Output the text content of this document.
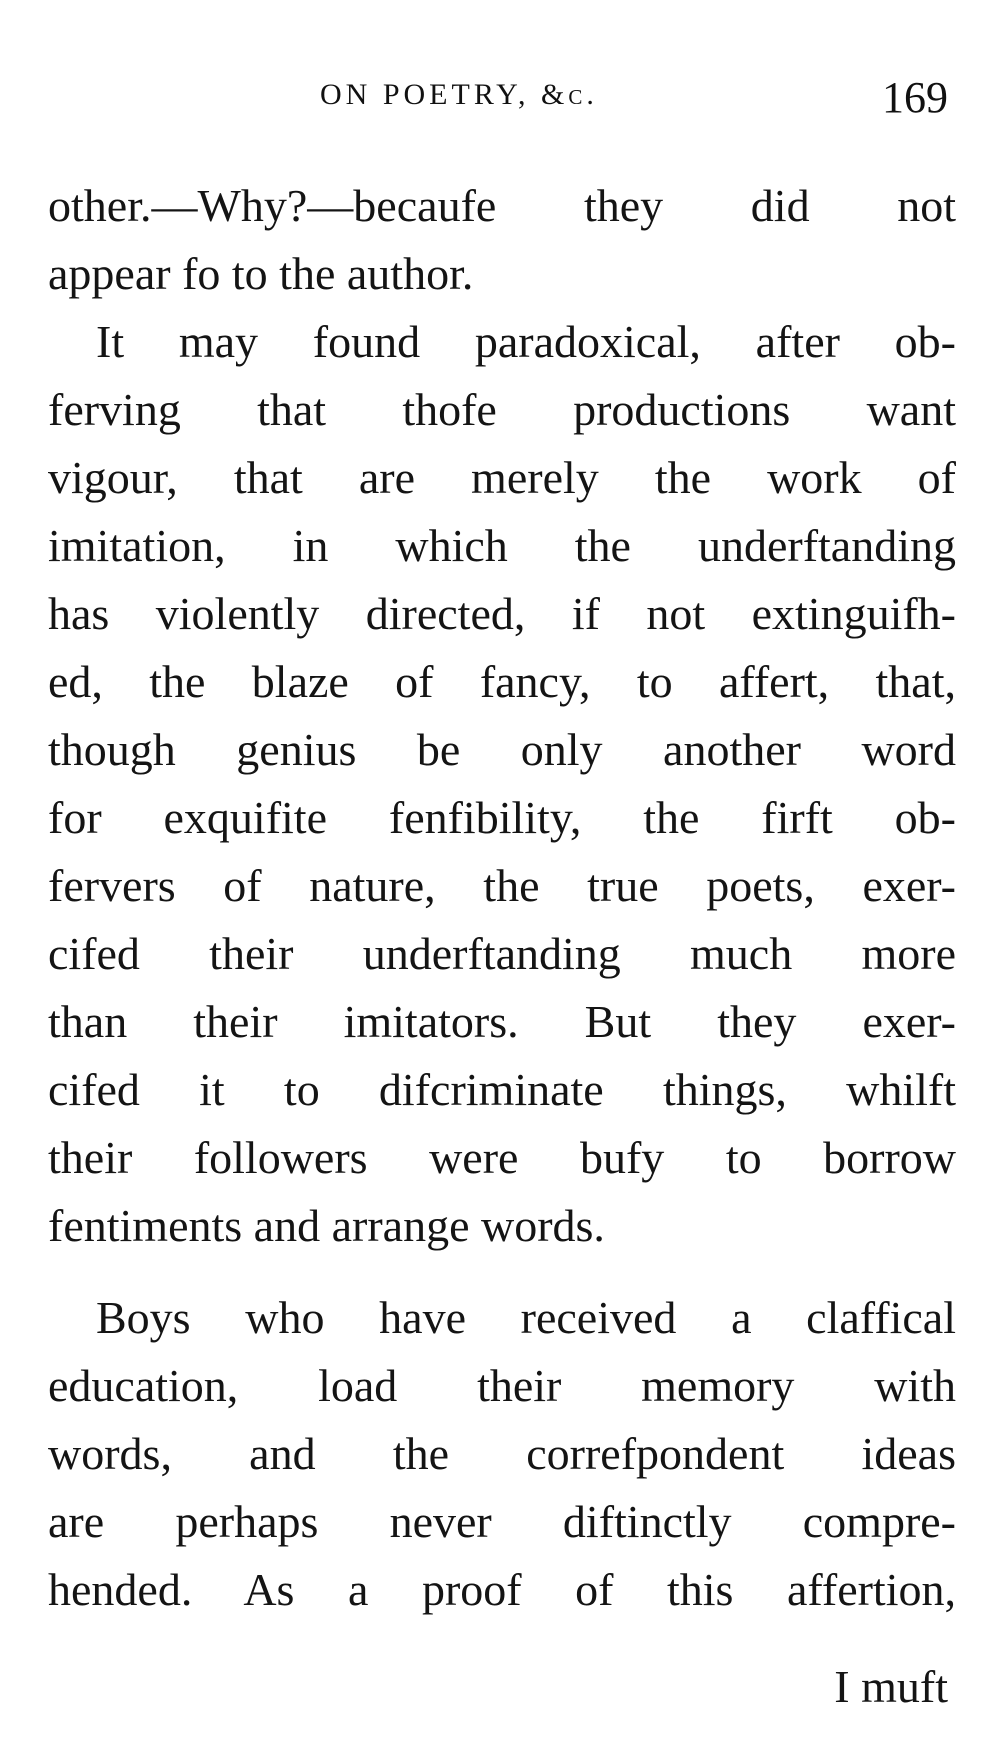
ON POETRY, &c.	169
other.—Why?—becaufe they did not
appear fo to the author.
It may found paradoxical, after ob-
ferving that thofe productions want
vigour, that are merely the work of
imitation, in which the underftanding
has violently directed, if not extinguifh-
ed, the blaze of fancy, to affert, that,
though genius be only another word
for exquifite fenfibility, the firft ob-
fervers of nature, the true poets, exer-
cifed their underftanding much more
than their imitators. But they exer-
cifed it to difcriminate things, whilft
their followers were bufy to borrow
fentiments and arrange words.
Boys who have received a claffical
education, load their memory with
words, and the correfpondent ideas
are perhaps never diftinctly compre-
hended. As a proof of this affertion,
I muft
